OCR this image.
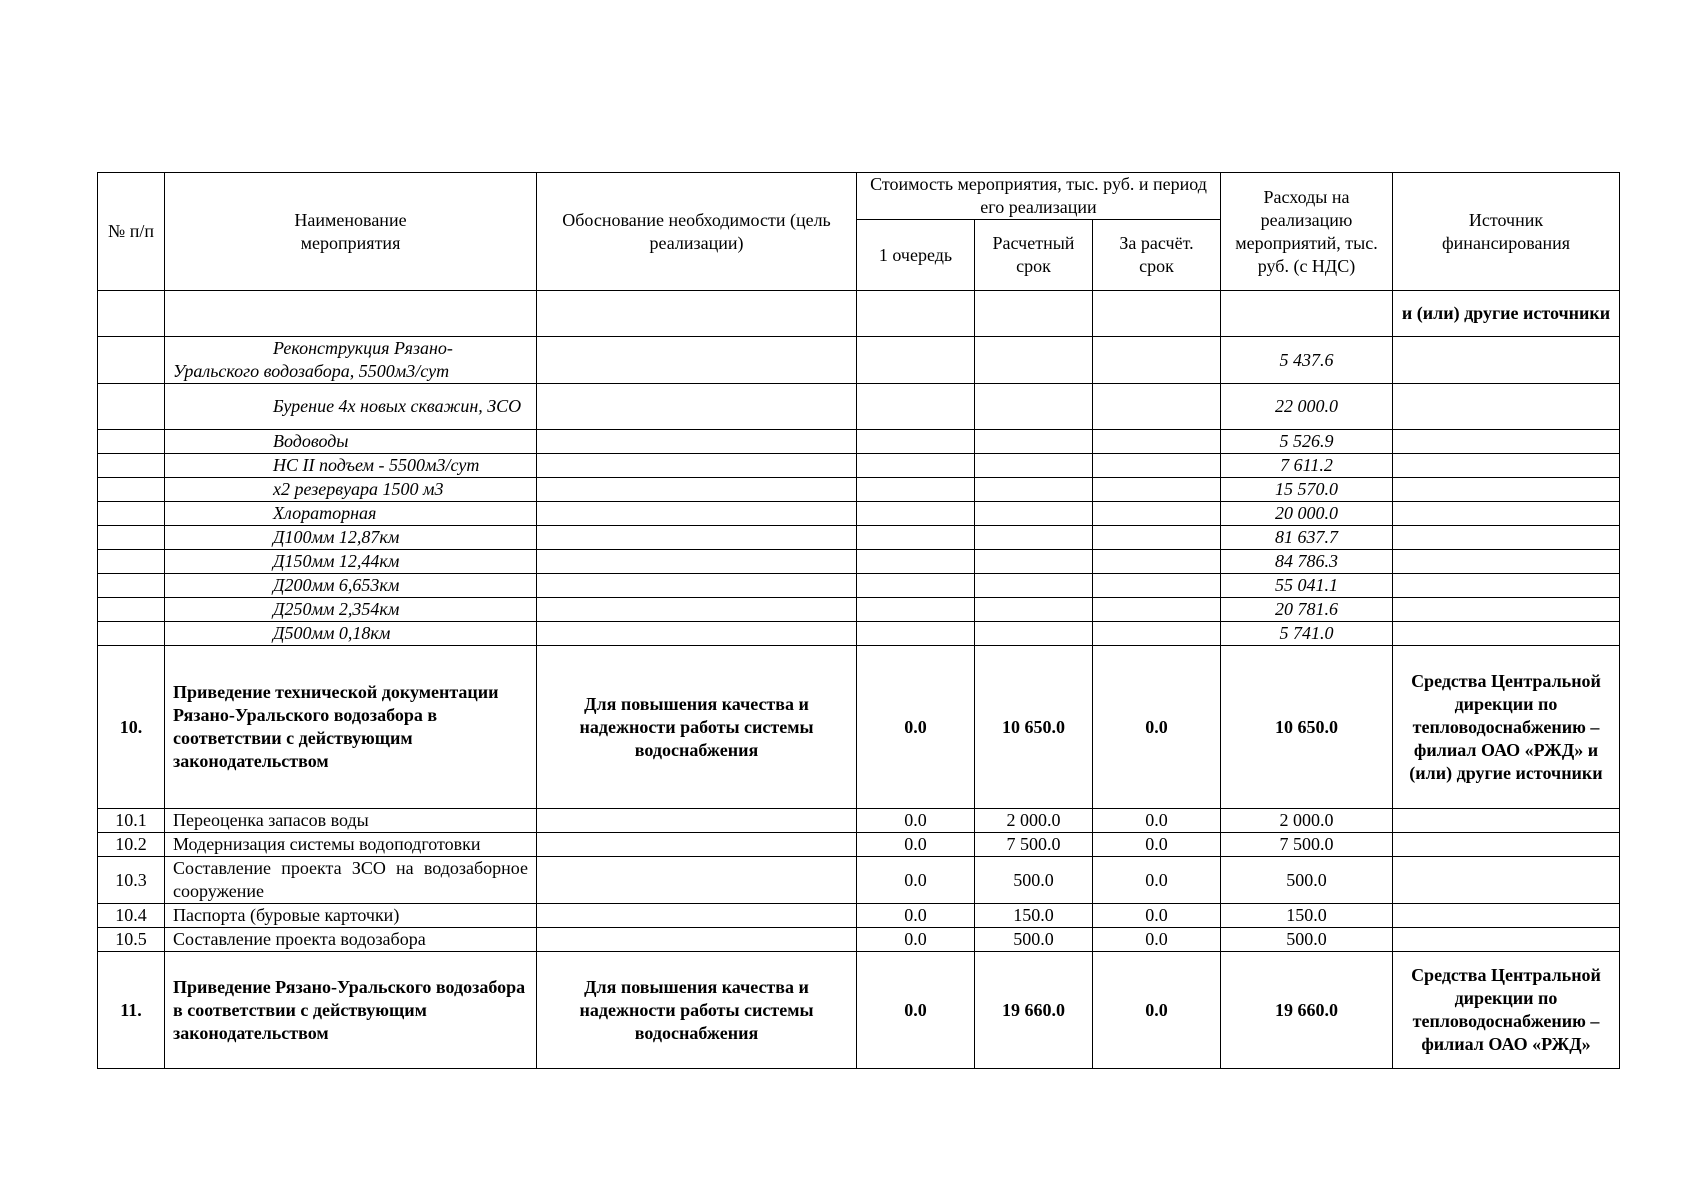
№ п/п	Наименование мероприятия	Обоснование необходимости (цель реализации)	Стоимость мероприятия, тыс. руб. и период его реализации			Расходы на реализацию мероприятий, тыс. руб. (с НДС)	Источник финансирования
			1 очередь	Расчетный срок	За расчёт. срок		
							и (или) другие источники
	Реконструкция Рязано-Уральского водозабора, 5500м3/сут					5 437.6	
	Бурение 4х новых скважин, ЗСО					22 000.0	
	Водоводы					5 526.9	
	НС II подъем - 5500м3/сут					7 611.2	
	x2 резервуара 1500 м3					15 570.0	
	Хлораторная					20 000.0	
	Д100мм 12,87км					81 637.7	
	Д150мм 12,44км					84 786.3	
	Д200мм 6,653км					55 041.1	
	Д250мм 2,354км					20 781.6	
	Д500мм 0,18км					5 741.0	
10.	Приведение технической документации Рязано-Уральского водозабора в соответствии с действующим законодательством	Для повышения качества и надежности работы системы водоснабжения	0.0	10 650.0	0.0	10 650.0	Средства Центральной дирекции по тепловодоснабжению – филиал ОАО «РЖД» и (или) другие источники
10.1	Переоценка запасов воды		0.0	2 000.0	0.0	2 000.0	
10.2	Модернизация системы водоподготовки		0.0	7 500.0	0.0	7 500.0	
10.3	Составление проекта ЗСО на водозаборное сооружение		0.0	500.0	0.0	500.0	
10.4	Паспорта (буровые карточки)		0.0	150.0	0.0	150.0	
10.5	Составление проекта водозабора		0.0	500.0	0.0	500.0	
11.	Приведение Рязано-Уральского водозабора в соответствии с действующим законодательством	Для повышения качества и надежности работы системы водоснабжения	0.0	19 660.0	0.0	19 660.0	Средства Центральной дирекции по тепловодоснабжению – филиал ОАО «РЖД»
